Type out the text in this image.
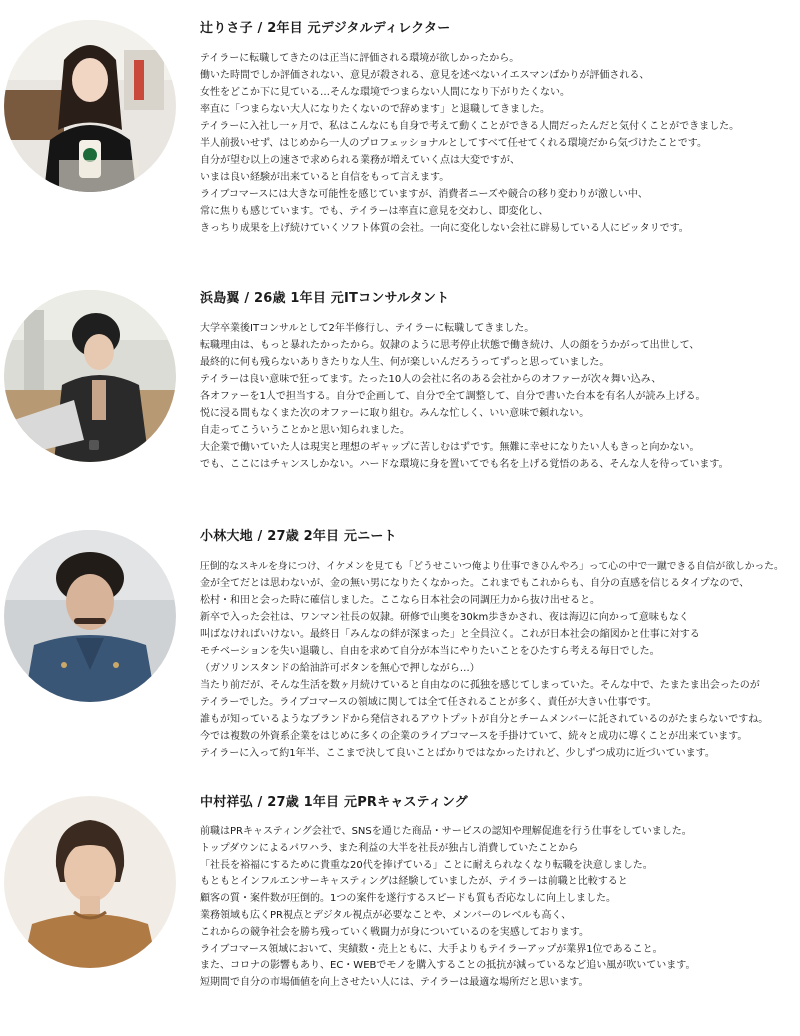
辻りさ子 / 2年目 元デジタルディレクター
テイラーに転職してきたのは正当に評価される環境が欲しかったから。
働いた時間でしか評価されない、意見が殺される、意見を述べないイエスマンばかりが評価される、
女性をどこか下に見ている…そんな環境でつまらない人間になり下がりたくない。
率直に「つまらない大人になりたくないので辞めます」と退職してきました。
テイラーに入社し一ヶ月で、私はこんなにも自身で考えて動くことができる人間だったんだと気付くことができました。
半人前扱いせず、はじめから一人のプロフェッショナルとしてすべて任せてくれる環境だから気づけたことです。
自分が望む以上の速さで求められる業務が増えていく点は大変ですが、
いまは良い経験が出来ていると自信をもって言えます。
ライブコマースには大きな可能性を感じていますが、消費者ニーズや競合の移り変わりが激しい中、
常に焦りも感じています。でも、テイラーは率直に意見を交わし、即変化し、
きっちり成果を上げ続けていくソフト体質の会社。一向に変化しない会社に辟易している人にピッタリです。
浜島翼 / 26歳 1年目 元ITコンサルタント
大学卒業後ITコンサルとして2年半修行し、テイラーに転職してきました。
転職理由は、もっと暴れたかったから。奴隷のように思考停止状態で働き続け、人の顔をうかがって出世して、
最終的に何も残らないありきたりな人生、何が楽しいんだろうってずっと思っていました。
テイラーは良い意味で狂ってます。たった10人の会社に名のある会社からのオファーが次々舞い込み、
各オファーを1人で担当する。自分で企画して、自分で全て調整して、自分で書いた台本を有名人が読み上げる。
悦に浸る間もなくまた次のオファーに取り組む。みんな忙しく、いい意味で頼れない。
自走ってこういうことかと思い知られました。
大企業で働いていた人は現実と理想のギャップに苦しむはずです。無難に幸せになりたい人もきっと向かない。
でも、ここにはチャンスしかない。ハードな環境に身を置いてでも名を上げる覚悟のある、そんな人を待っています。
小林大地 / 27歳 2年目 元ニート
圧倒的なスキルを身につけ、イケメンを見ても「どうせこいつ俺より仕事できひんやろ」って心の中で一蹴できる自信が欲しかった。
金が全てだとは思わないが、金の無い男になりたくなかった。これまでもこれからも、自分の直感を信じるタイプなので、
松村・和田と会った時に確信しました。ここなら日本社会の同調圧力から抜け出せると。
新卒で入った会社は、ワンマン社長の奴隷。研修で山奥を30km歩きかされ、夜は海辺に向かって意味もなく
叫ばなければいけない。最終日「みんなの絆が深まった」と全員泣く。これが日本社会の縮図かと仕事に対する
モチベーションを失い退職し、自由を求めて自分が本当にやりたいことをひたすら考える毎日でした。
（ガソリンスタンドの給油許可ボタンを無心で押しながら…）
当たり前だが、そんな生活を数ヶ月続けていると自由なのに孤独を感じてしまっていた。そんな中で、たまたま出会ったのが
テイラーでした。ライブコマースの領域に関しては全て任されることが多く、責任が大きい仕事です。
誰もが知っているようなブランドから発信されるアウトプットが自分とチームメンバーに託されているのがたまらないですね。
今では複数の外資系企業をはじめに多くの企業のライブコマースを手掛けていて、続々と成功に導くことが出来ています。
テイラーに入って約1年半、ここまで決して良いことばかりではなかったけれど、少しずつ成功に近づいています。
中村祥弘 / 27歳 1年目 元PRキャスティング
前職はPRキャスティング会社で、SNSを通じた商品・サービスの認知や理解促進を行う仕事をしていました。
トップダウンによるパワハラ、また利益の大半を社長が独占し消費していたことから
「社長を裕福にするために貴重な20代を捧げている」ことに耐えられなくなり転職を決意しました。
もともとインフルエンサーキャスティングは経験していましたが、テイラーは前職と比較すると
顧客の質・案件数が圧倒的。1つの案件を遂行するスピードも質も否応なしに向上しました。
業務領域も広くPR視点とデジタル視点が必要なことや、メンバーのレベルも高く、
これからの競争社会を勝ち残っていく戦闘力が身についているのを実感しております。
ライブコマース領域において、実績数・売上ともに、大手よりもテイラーアップが業界1位であること。
また、コロナの影響もあり、EC・WEBでモノを購入することの抵抗が減っているなど追い風が吹いています。
短期間で自分の市場価値を向上させたい人には、テイラーは最適な場所だと思います。
